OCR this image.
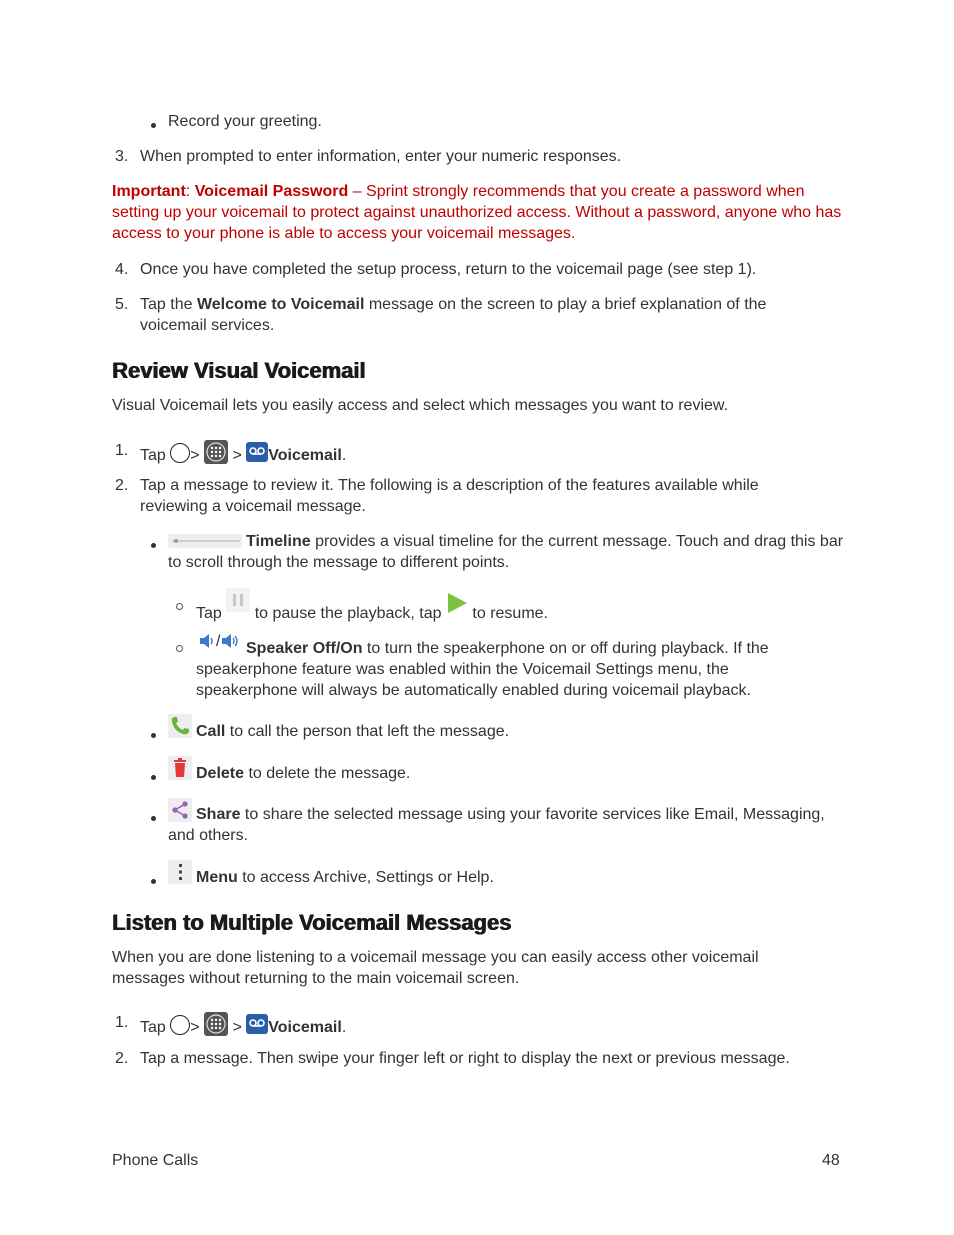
Record your greeting.
3. When prompted to enter information, enter your numeric responses.
Important: Voicemail Password – Sprint strongly recommends that you create a password when setting up your voicemail to protect against unauthorized access. Without a password, anyone who has access to your phone is able to access your voicemail messages.
4. Once you have completed the setup process, return to the voicemail page (see step 1).
5. Tap the Welcome to Voicemail message on the screen to play a brief explanation of the voicemail services.
Review Visual Voicemail
Visual Voicemail lets you easily access and select which messages you want to review.
1. Tap > > Voicemail.
2. Tap a message to review it. The following is a description of the features available while reviewing a voicemail message.
Timeline provides a visual timeline for the current message. Touch and drag this bar to scroll through the message to different points.
Tap to pause the playback, tap to resume.
/	Speaker Off/On to turn the speakerphone on or off during playback. If the speakerphone feature was enabled within the Voicemail Settings menu, the speakerphone will always be automatically enabled during voicemail playback.
Call to call the person that left the message.
Delete to delete the message.
Share to share the selected message using your favorite services like Email, Messaging, and others.
Menu to access Archive, Settings or Help.
Listen to Multiple Voicemail Messages
When you are done listening to a voicemail message you can easily access other voicemail messages without returning to the main voicemail screen.
1. Tap > > Voicemail.
2. Tap a message. Then swipe your finger left or right to display the next or previous message.
Phone Calls	48
